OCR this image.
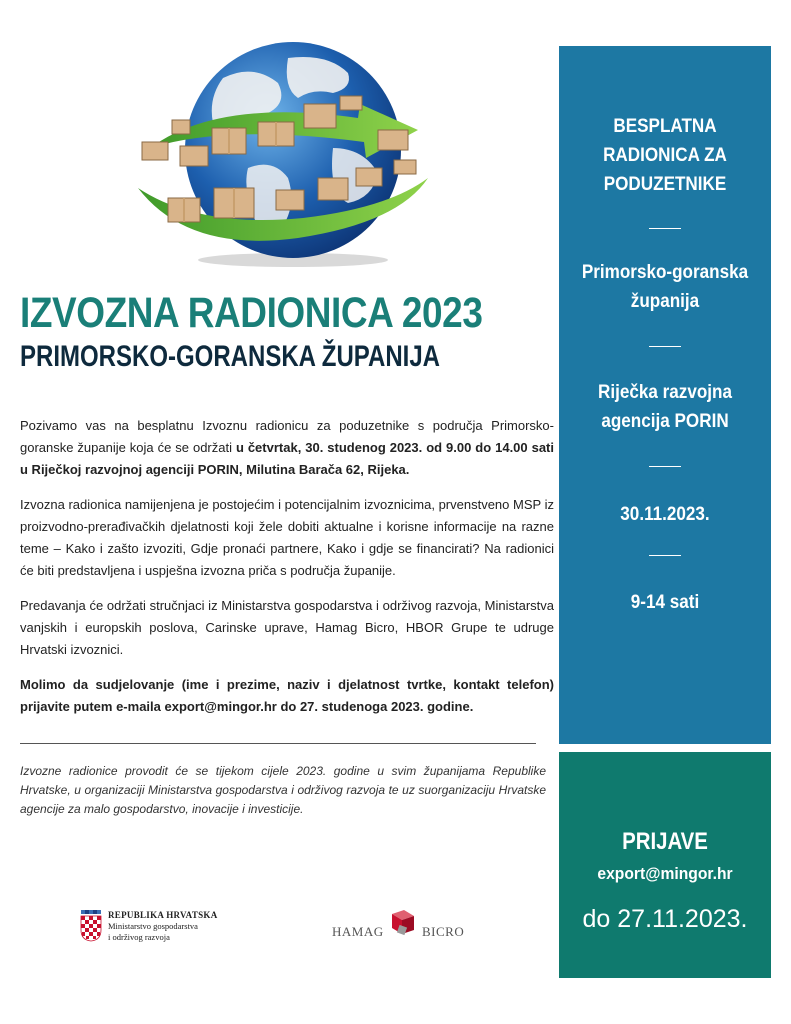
IZVOZNA RADIONICA 2023
PRIMORSKO-GORANSKA ŽUPANIJA

Pozivamo vas na besplatnu Izvoznu radionicu za poduzetnike s područja Primorsko-goranske županije koja će se održati u četvrtak, 30. studenog 2023. od 9.00 do 14.00 sati u Riječkoj razvojnoj agenciji PORIN, Milutina Barača 62, Rijeka.

Izvozna radionica namijenjena je postojećim i potencijalnim izvoznicima, prvenstveno MSP iz proizvodno-prerađivačkih djelatnosti koji žele dobiti aktualne i korisne informacije na razne teme – Kako i zašto izvoziti, Gdje pronaći partnere, Kako i gdje se financirati? Na radionici će biti predstavljena i uspješna izvozna priča s područja županije.

Predavanja će održati stručnjaci iz Ministarstva gospodarstva i održivog razvoja, Ministarstva vanjskih i europskih poslova, Carinske uprave, Hamag Bicro, HBOR Grupe te udruge Hrvatski izvoznici.

Molimo da sudjelovanje (ime i prezime, naziv i djelatnost tvrtke, kontakt telefon) prijavite putem e-maila export@mingor.hr do 27. studenoga 2023. godine.

Izvozne radionice provodit će se tijekom cijele 2023. godine u svim županijama Republike Hrvatske, u organizaciji Ministarstva gospodarstva i održivog razvoja te uz suorganizaciju Hrvatske agencije za malo gospodarstvo, inovacije i investicije.
REPUBLIKA HRVATSKA
Ministarstvo gospodarstva
i održivog razvoja	HAMAG	BICRO
BESPLATNA RADIONICA ZA PODUZETNIKE
Primorsko-goranska županija
Riječka razvojna agencija PORIN
30.11.2023.
9-14 sati
PRIJAVE
export@mingor.hr
do 27.11.2023.
